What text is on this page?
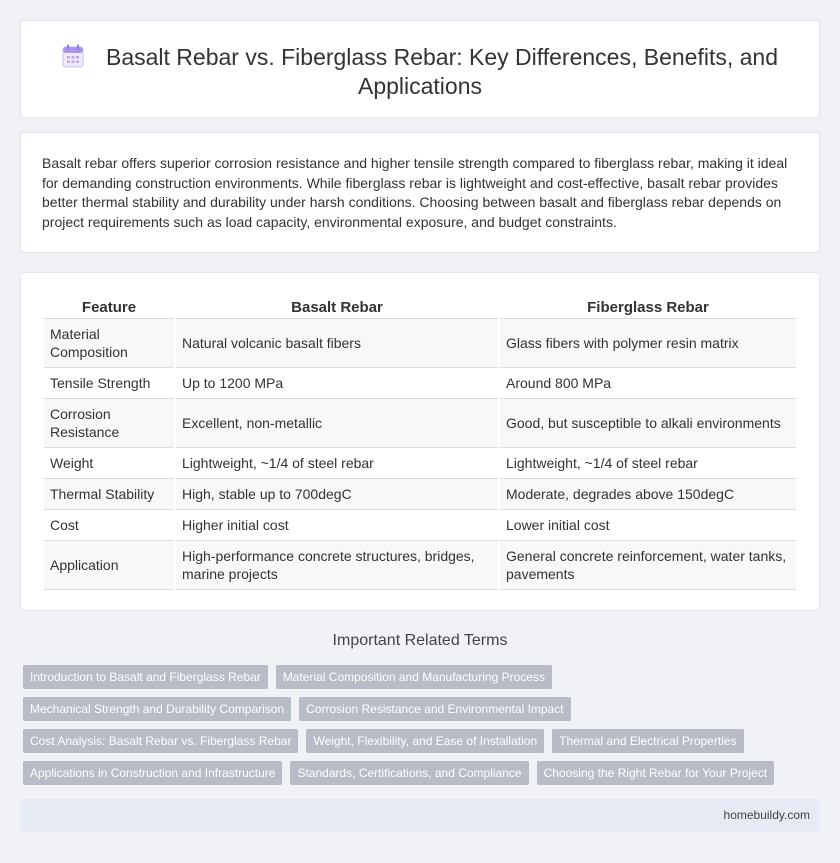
Basalt Rebar vs. Fiberglass Rebar: Key Differences, Benefits, and Applications

Basalt rebar offers superior corrosion resistance and higher tensile strength compared to fiberglass rebar, making it ideal for demanding construction environments. While fiberglass rebar is lightweight and cost-effective, basalt rebar provides better thermal stability and durability under harsh conditions. Choosing between basalt and fiberglass rebar depends on project requirements such as load capacity, environmental exposure, and budget constraints.

Feature	Basalt Rebar	Fiberglass Rebar
Material Composition	Natural volcanic basalt fibers	Glass fibers with polymer resin matrix
Tensile Strength	Up to 1200 MPa	Around 800 MPa
Corrosion Resistance	Excellent, non-metallic	Good, but susceptible to alkali environments
Weight	Lightweight, ~1/4 of steel rebar	Lightweight, ~1/4 of steel rebar
Thermal Stability	High, stable up to 700degC	Moderate, degrades above 150degC
Cost	Higher initial cost	Lower initial cost
Application	High-performance concrete structures, bridges, marine projects	General concrete reinforcement, water tanks, pavements
Important Related Terms
Introduction to Basalt and Fiberglass Rebar	Material Composition and Manufacturing Process
Mechanical Strength and Durability Comparison	Corrosion Resistance and Environmental Impact
Cost Analysis: Basalt Rebar vs. Fiberglass Rebar	Weight, Flexibility, and Ease of Installation	Thermal and Electrical Properties
Applications in Construction and Infrastructure	Standards, Certifications, and Compliance	Choosing the Right Rebar for Your Project
homebuildy.com
